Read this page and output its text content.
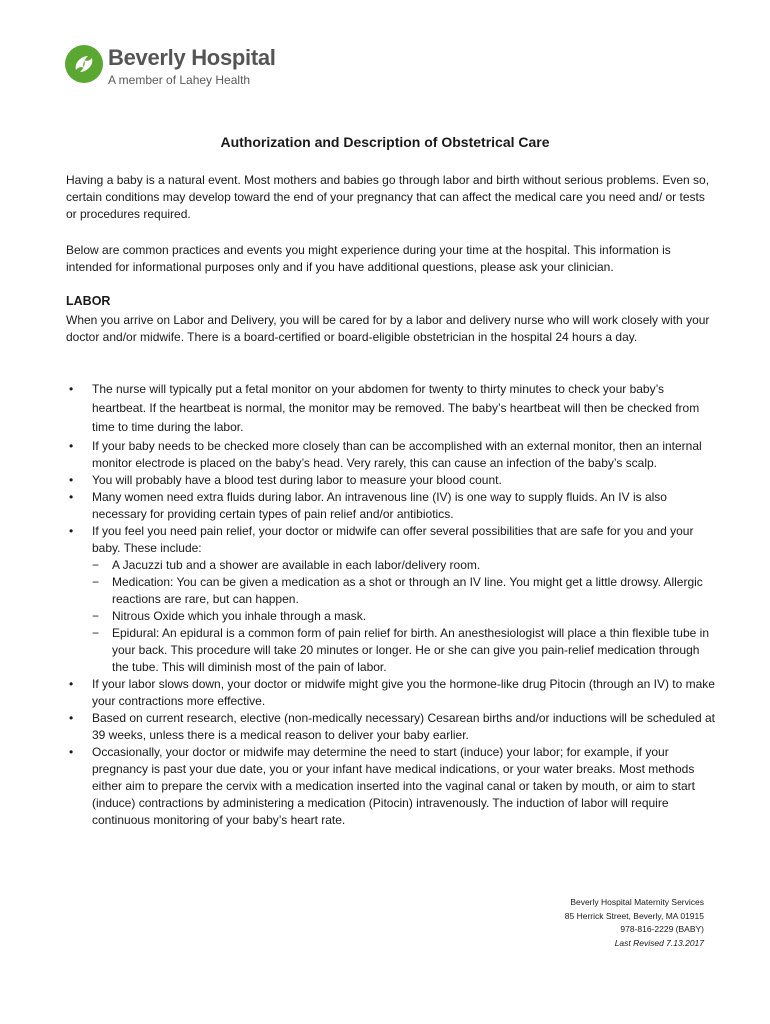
Beverly Hospital
A member of Lahey Health
Authorization and Description of Obstetrical Care

Having a baby is a natural event. Most mothers and babies go through labor and birth without serious problems. Even so, certain conditions may develop toward the end of your pregnancy that can affect the medical care you need and/ or tests or procedures required.

Below are common practices and events you might experience during your time at the hospital. This information is intended for informational purposes only and if you have additional questions, please ask your clinician.

LABOR

When you arrive on Labor and Delivery, you will be cared for by a labor and delivery nurse who will work closely with your doctor and/or midwife. There is a board-certified or board-eligible obstetrician in the hospital 24 hours a day.

• The nurse will typically put a fetal monitor on your abdomen for twenty to thirty minutes to check your baby’s heartbeat. If the heartbeat is normal, the monitor may be removed. The baby’s heartbeat will then be checked from time to time during the labor.
• If your baby needs to be checked more closely than can be accomplished with an external monitor, then an internal monitor electrode is placed on the baby’s head. Very rarely, this can cause an infection of the baby’s scalp.
• You will probably have a blood test during labor to measure your blood count.
• Many women need extra fluids during labor. An intravenous line (IV) is one way to supply fluids. An IV is also necessary for providing certain types of pain relief and/or antibiotics.
• If you feel you need pain relief, your doctor or midwife can offer several possibilities that are safe for you and your baby. These include:
− A Jacuzzi tub and a shower are available in each labor/delivery room.
− Medication: You can be given a medication as a shot or through an IV line. You might get a little drowsy. Allergic reactions are rare, but can happen.
− Nitrous Oxide which you inhale through a mask.
− Epidural: An epidural is a common form of pain relief for birth. An anesthesiologist will place a thin flexible tube in your back. This procedure will take 20 minutes or longer. He or she can give you pain-relief medication through the tube. This will diminish most of the pain of labor.
• If your labor slows down, your doctor or midwife might give you the hormone-like drug Pitocin (through an IV) to make your contractions more effective.
• Based on current research, elective (non-medically necessary) Cesarean births and/or inductions will be scheduled at 39 weeks, unless there is a medical reason to deliver your baby earlier.
• Occasionally, your doctor or midwife may determine the need to start (induce) your labor; for example, if your pregnancy is past your due date, you or your infant have medical indications, or your water breaks. Most methods either aim to prepare the cervix with a medication inserted into the vaginal canal or taken by mouth, or aim to start (induce) contractions by administering a medication (Pitocin) intravenously. The induction of labor will require continuous monitoring of your baby’s heart rate.
Beverly Hospital Maternity Services
85 Herrick Street, Beverly, MA 01915
978-816-2229 (BABY)
Last Revised 7.13.2017
